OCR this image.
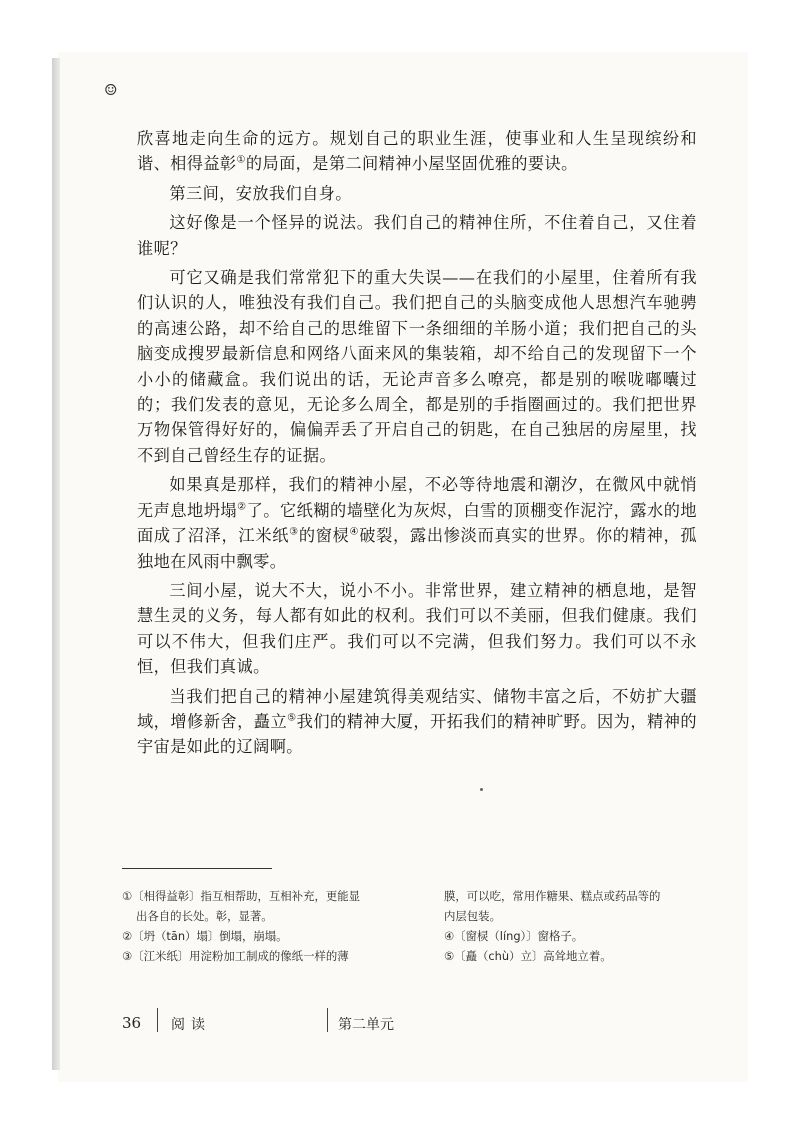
☺

欣喜地走向生命的远方。规划自己的职业生涯，使事业和人生呈现缤纷和谐、相得益彰①的局面，是第二间精神小屋坚固优雅的要诀。

第三间，安放我们自身。

这好像是一个怪异的说法。我们自己的精神住所，不住着自己，又住着谁呢？

可它又确是我们常常犯下的重大失误——在我们的小屋里，住着所有我们认识的人，唯独没有我们自己。我们把自己的头脑变成他人思想汽车驰骋的高速公路，却不给自己的思维留下一条细细的羊肠小道；我们把自己的头脑变成搜罗最新信息和网络八面来风的集装箱，却不给自己的发现留下一个小小的储藏盒。我们说出的话，无论声音多么嘹亮，都是别的喉咙嘟囔过的；我们发表的意见，无论多么周全，都是别的手指圈画过的。我们把世界万物保管得好好的，偏偏弄丢了开启自己的钥匙，在自己独居的房屋里，找不到自己曾经生存的证据。

如果真是那样，我们的精神小屋，不必等待地震和潮汐，在微风中就悄无声息地坍塌②了。它纸糊的墙壁化为灰烬，白雪的顶棚变作泥泞，露水的地面成了沼泽，江米纸③的窗棂④破裂，露出惨淡而真实的世界。你的精神，孤独地在风雨中飘零。

三间小屋，说大不大，说小不小。非常世界，建立精神的栖息地，是智慧生灵的义务，每人都有如此的权利。我们可以不美丽，但我们健康。我们可以不伟大，但我们庄严。我们可以不完满，但我们努力。我们可以不永恒，但我们真诚。

当我们把自己的精神小屋建筑得美观结实、储物丰富之后，不妨扩大疆域，增修新舍，矗立⑤我们的精神大厦，开拓我们的精神旷野。因为，精神的宇宙是如此的辽阔啊。

①〔相得益彰〕指互相帮助，互相补充，更能显
出各自的长处。彰，显著。
②〔坍（tān）塌〕倒塌，崩塌。
③〔江米纸〕用淀粉加工制成的像纸一样的薄
膜，可以吃，常用作糖果、糕点或药品等的
内层包装。
④〔窗棂（líng）〕窗格子。
⑤〔矗（chù）立〕高耸地立着。
36 阅读	第二单元
